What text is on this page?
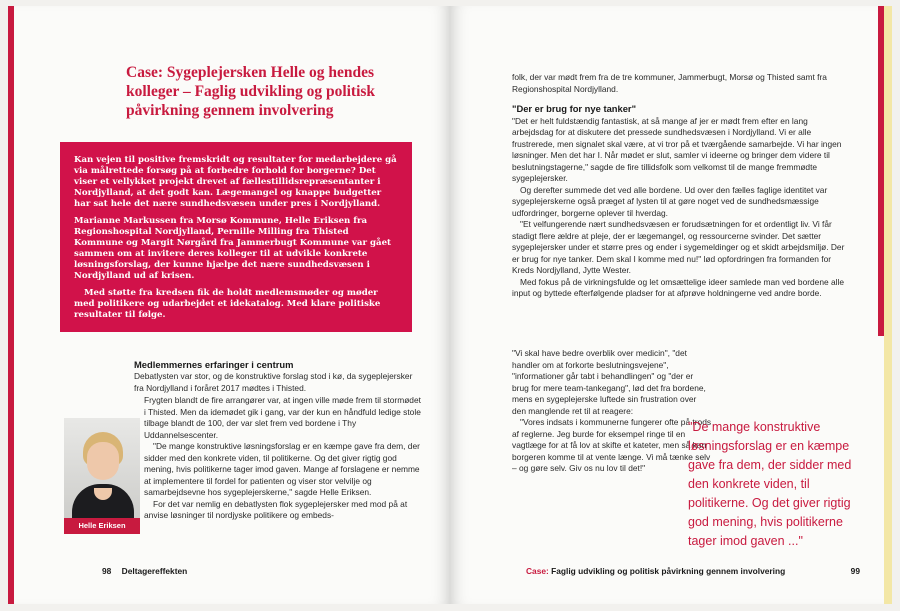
Case: Sygeplejersken Helle og hendes kolleger – Faglig udvikling og politisk påvirkning gennem involvering

Kan vejen til positive fremskridt og resultater for medarbejdere gå via målrettede forsøg på at forbedre forhold for borgerne? Det viser et vellykket projekt drevet af fællestillidsrepræsentanter i Nordjylland, at det godt kan. Lægemangel og knappe budgetter har sat hele det nære sundhedsvæsen under pres i Nordjylland.

Marianne Markussen fra Morsø Kommune, Helle Eriksen fra Regionshospital Nordjylland, Pernille Milling fra Thisted Kommune og Margit Nørgård fra Jammerbugt Kommune var gået sammen om at invitere deres kolleger til at udvikle konkrete løsningsforslag, der kunne hjælpe det nære sundhedsvæsen i Nordjylland ud af krisen.

Med støtte fra kredsen fik de holdt medlemsmøder og møder med politikere og udarbejdet et idekatalog. Med klare politiske resultater til følge.

Medlemmernes erfaringer i centrum

Debatlysten var stor, og de konstruktive forslag stod i kø, da sygeplejersker fra Nordjylland i foråret 2017 mødtes i Thisted.

Frygten blandt de fire arrangører var, at ingen ville møde frem til stormødet i Thisted. Men da idemødet gik i gang, var der kun en håndfuld ledige stole tilbage blandt de 100, der var slet frem ved bordene i Thy Uddannelsescenter.

"De mange konstruktive løsningsforslag er en kæmpe gave fra dem, der sidder med den konkrete viden, til politikerne. Og det giver rigtig god mening, hvis politikerne tager imod gaven. Mange af forslagene er nemme at implementere til fordel for patienten og viser stor velvilje og samarbejdsevne hos sygeplejerskerne," sagde Helle Eriksen.

For det var nemlig en debatlysten flok sygeplejersker med mod på at anvise løsninger til nordjyske politikere og embeds-

Helle Eriksen
98 Deltagereffekten

folk, der var mødt frem fra de tre kommuner, Jammerbugt, Morsø og Thisted samt fra Regionshospital Nordjylland.

"Der er brug for nye tanker"

"Det er helt fuldstændig fantastisk, at så mange af jer er mødt frem efter en lang arbejdsdag for at diskutere det pressede sundhedsvæsen i Nordjylland. Vi er alle frustrerede, men signalet skal være, at vi tror på et tværgående samarbejde. Vi har ingen løsninger. Men det har I. Når mødet er slut, samler vi ideerne og bringer dem videre til beslutningstagerne," sagde de fire tillidsfolk som velkomst til de mange fremmødte sygeplejersker.

Og derefter summede det ved alle bordene. Ud over den fælles faglige identitet var sygeplejerskerne også præget af lysten til at gøre noget ved de sundhedsmæssige udfordringer, borgerne oplever til hverdag.

"Et velfungerende nært sundhedsvæsen er forudsætningen for et ordentligt liv. Vi får stadigt flere ældre at pleje, der er lægemangel, og ressourcerne svinder. Det sætter sygeplejersker under et større pres og ender i sygemeldinger og et skidt arbejdsmiljø. Der er brug for nye tanker. Dem skal I komme med nu!" lød opfordringen fra formanden for Kreds Nordjylland, Jytte Wester.

Med fokus på de virkningsfulde og let omsættelige ideer samlede man ved bordene alle input og byttede efterfølgende pladser for at afprøve holdningerne ved andre borde.

"Vi skal have bedre overblik over medicin", "det handler om at forkorte beslutningsvejene", "informationer går tabt i behandlingen" og "der er brug for mere team-tankegang", lød det fra bordene, mens en sygeplejerske luftede sin frustration over den manglende ret til at reagere:

"Vores indsats i kommunerne fungerer ofte på trods af reglerne. Jeg burde for eksempel ringe til en vagtlæge for at få lov at skifte et kateter, men så kan borgeren komme til at vente længe. Vi må tænke selv – og gøre selv. Giv os nu lov til det!"

"De mange konstruktive løsningsforslag er en kæmpe gave fra dem, der sidder med den konkrete viden, til politikerne. Og det giver rigtig god mening, hvis politikerne tager imod gaven ..."
Case: Faglig udvikling og politisk påvirkning gennem involvering	99
